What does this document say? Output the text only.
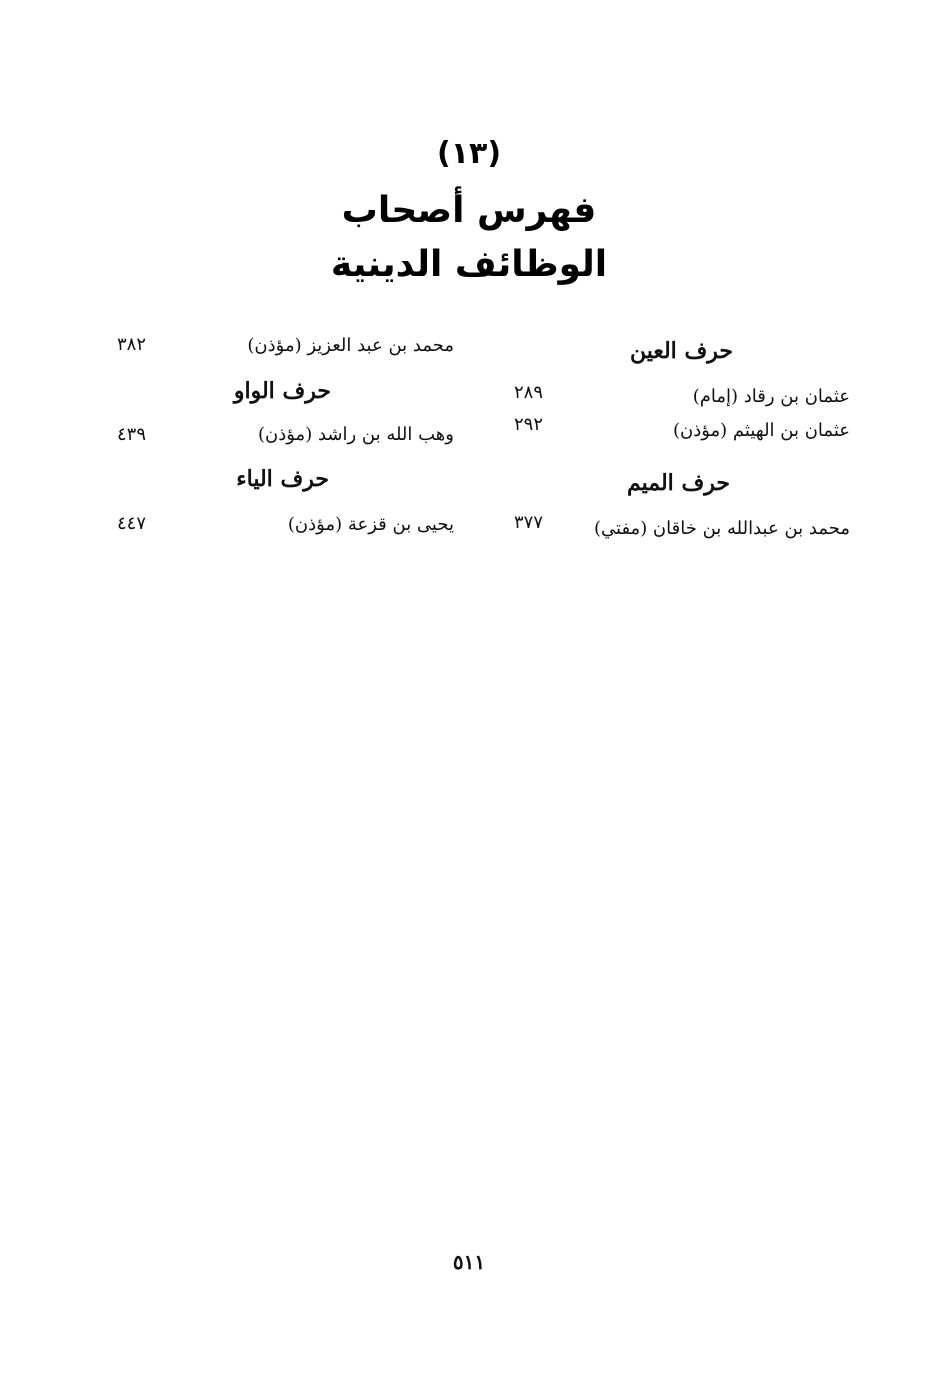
(١٣)
فهرس أصحاب
الوظائف الدينية
حرف العين
عثمان بن رقاد (إمام)
٢٨٩
عثمان بن الهيثم (مؤذن)
٢٩٢
حرف الميم
محمد بن عبدالله بن خاقان (مفتي)
٣٧٧
محمد بن عبد العزيز (مؤذن)
٣٨٢
حرف الواو
وهب الله بن راشد (مؤذن)
٤٣٩
حرف الياء
يحيى بن قزعة (مؤذن)
٤٤٧
٥١١
